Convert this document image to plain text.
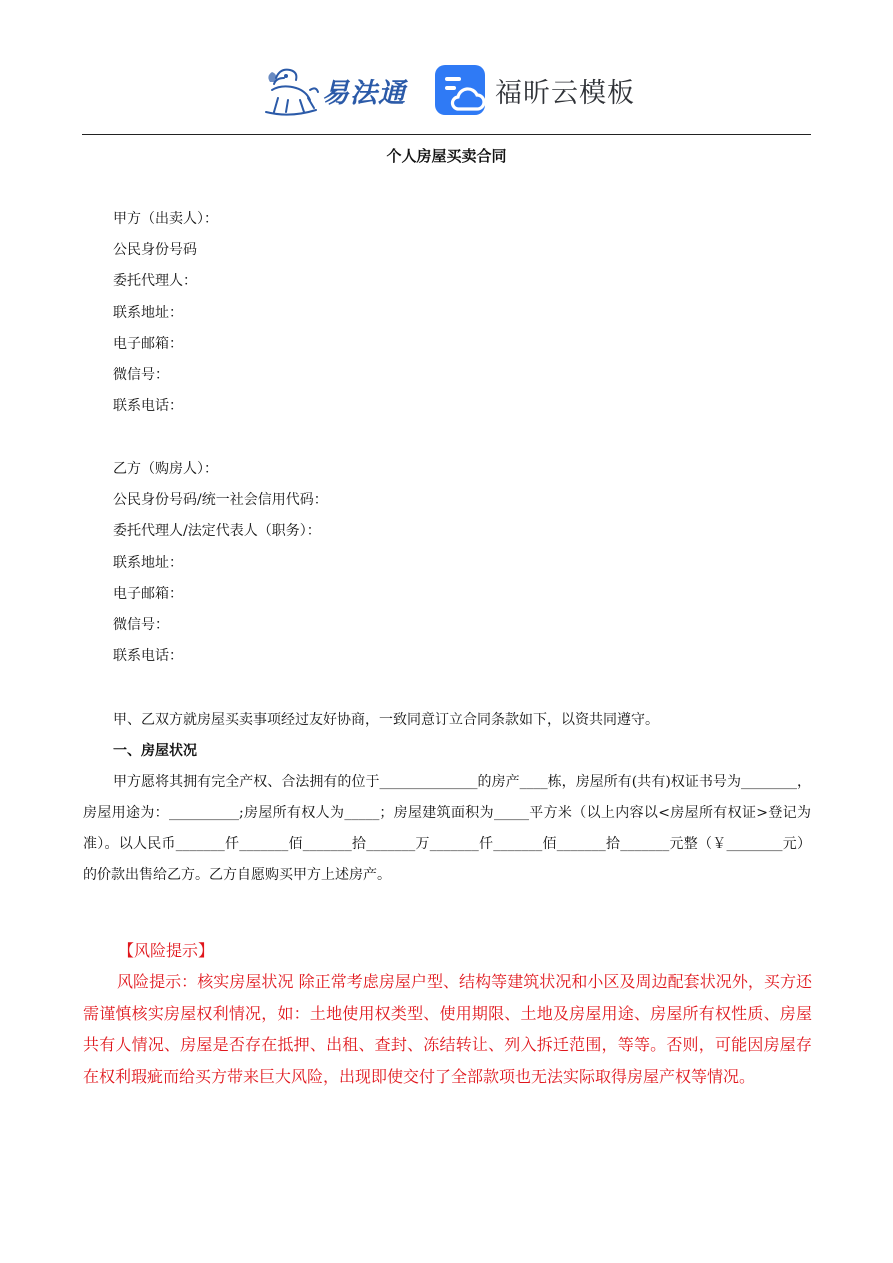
易法通	福昕云模板
个人房屋买卖合同
甲方（出卖人）：
公民身份号码
委托代理人：
联系地址：
电子邮箱：
微信号：
联系电话：
乙方（购房人）：
公民身份号码/统一社会信用代码：
委托代理人/法定代表人（职务）：
联系地址：
电子邮箱：
微信号：
联系电话：
甲、乙双方就房屋买卖事项经过友好协商，一致同意订立合同条款如下，以资共同遵守。
一、房屋状况
甲方愿将其拥有完全产权、合法拥有的位于______________的房产____栋，房屋所有(共有)权证书号为________，房屋用途为：__________;房屋所有权人为_____；房屋建筑面积为_____平方米（以上内容以<房屋所有权证>登记为准）。以人民币_______仟_______佰_______拾_______万_______仟_______佰_______拾_______元整（￥________元）的价款出售给乙方。乙方自愿购买甲方上述房产。
【风险提示】
风险提示：核实房屋状况 除正常考虑房屋户型、结构等建筑状况和小区及周边配套状况外，买方还需谨慎核实房屋权利情况，如：土地使用权类型、使用期限、土地及房屋用途、房屋所有权性质、房屋共有人情况、房屋是否存在抵押、出租、查封、冻结转让、列入拆迁范围，等等。否则，可能因房屋存在权利瑕疵而给买方带来巨大风险，出现即使交付了全部款项也无法实际取得房屋产权等情况。
